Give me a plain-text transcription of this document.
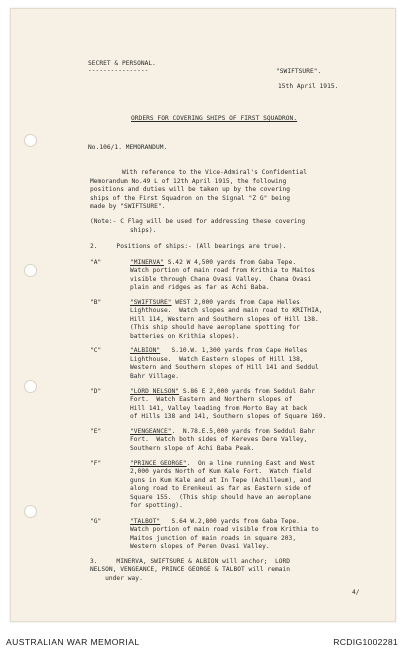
SECRET & PERSONAL.
----------------	"SWIFTSURE".
15th April 1915.
ORDERS FOR COVERING SHIPS OF FIRST SQUADRON.
No.106/1. MEMORANDUM.
With reference to the Vice-Admiral's Confidential
Memorandum No.49 L of 12th April 1915, the following
positions and duties will be taken up by the covering
ships of the First Squadron on the Signal "Z G" being
made by "SWIFTSURE".
(Note:- C Flag will be used for addressing these covering
ships).
2.     Positions of ships:- (All bearings are true).
"A"	"MINERVA" S.42 W 4,500 yards from Gaba Tepe.
Watch portion of main road from Krithia to Maitos
visible through Chana Ovasi Valley.  Chana Ovasi
plain and ridges as far as Achi Baba.
"B"	"SWIFTSURE" WEST 2,000 yards from Cape Helles
Lighthouse.  Watch slopes and main road to KRITHIA,
Hill 114, Western and Southern slopes of Hill 138.
(This ship should have aeroplane spotting for
batteries on Krithia slopes).
"C"	"ALBION"   S.10.W. 1,300 yards from Cape Helles
Lighthouse.  Watch Eastern slopes of Hill 138,
Western and Southern slopes of Hill 141 and Seddul
Bahr Village.
"D"	"LORD NELSON" S.86 E 2,000 yards from Seddul Bahr
Fort.  Watch Eastern and Northern slopes of
Hill 141, Valley leading from Morto Bay at back
of Hills 138 and 141, Southern slopes of Square 169.
"E"	"VENGEANCE".  N.78.E.5,000 yards from Seddul Bahr
Fort.  Watch both sides of Kereves Dere Valley,
Southern slope of Achi Baba Peak.
"F"	"PRINCE GEORGE".  On a line running East and West
2,000 yards North of Kum Kale Fort.  Watch field
guns in Kum Kale and at In Tepe (Achilleum), and
along road to Erenkeui as far as Eastern side of
Square 155.  (This ship should have an aeroplane
for spotting).
"G"	"TALBOT"   S.64 W.2,800 yards from Gaba Tepe.
Watch portion of main road visible from Krithia to
Maitos junction of main roads in square 203,
Western slopes of Peren Ovasi Valley.
3.     MINERVA, SWIFTSURE & ALBION will anchor;  LORD
NELSON, VENGEANCE, PRINCE GEORGE & TALBOT will remain
under way.
4/
AUSTRALIAN WAR MEMORIAL	RCDIG1002281
